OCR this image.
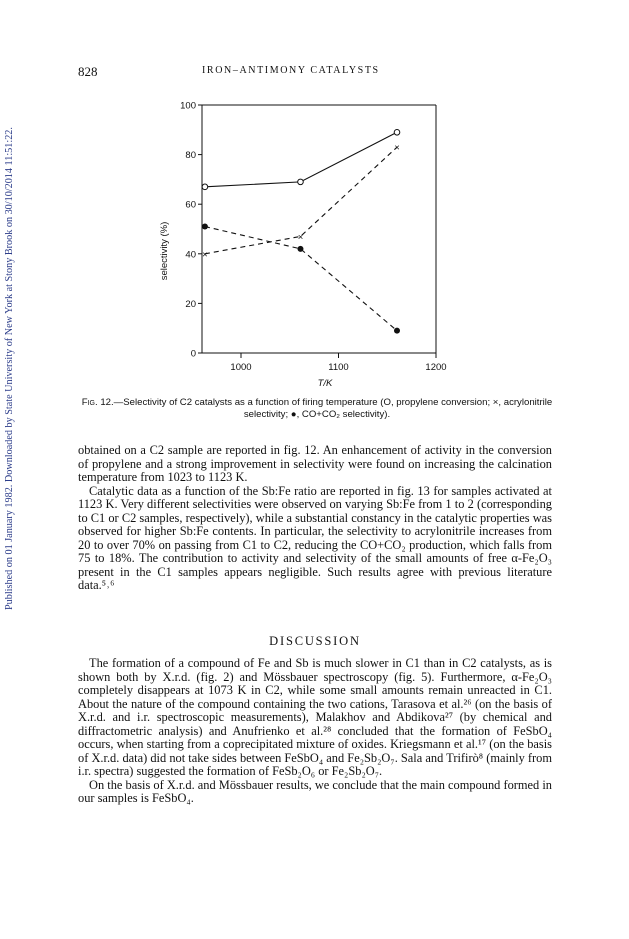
Published on 01 January 1982. Downloaded by State University of New York at Stony Brook on 30/10/2014 11:51:22.
828	IRON–ANTIMONY CATALYSTS
0
20
40
60
80
100
1000	1100	1200
T/K
selectivity (%)	×
×
×
Fig. 12.—Selectivity of C2 catalysts as a function of firing temperature (O, propylene conversion; ×, acrylonitrile selectivity; ●, CO+CO₂ selectivity).

obtained on a C2 sample are reported in fig. 12. An enhancement of activity in the conversion of propylene and a strong improvement in selectivity were found on increasing the calcination temperature from 1023 to 1123 K.

Catalytic data as a function of the Sb:Fe ratio are reported in fig. 13 for samples activated at 1123 K. Very different selectivities were observed on varying Sb:Fe from 1 to 2 (corresponding to C1 or C2 samples, respectively), while a substantial constancy in the catalytic properties was observed for higher Sb:Fe contents. In particular, the selectivity to acrylonitrile increases from 20 to over 70% on passing from C1 to C2, reducing the CO+CO₂ production, which falls from 75 to 18%. The contribution to activity and selectivity of the small amounts of free α-Fe₂O₃ present in the C1 samples appears negligible. Such results agree with previous literature data.⁵˒⁶

DISCUSSION

The formation of a compound of Fe and Sb is much slower in C1 than in C2 catalysts, as is shown both by X.r.d. (fig. 2) and Mössbauer spectroscopy (fig. 5). Furthermore, α-Fe₂O₃ completely disappears at 1073 K in C2, while some small amounts remain unreacted in C1. About the nature of the compound containing the two cations, Tarasova et al.²⁶ (on the basis of X.r.d. and i.r. spectroscopic measurements), Malakhov and Abdikova²⁷ (by chemical and diffractometric analysis) and Anufrienko et al.²⁸ concluded that the formation of FeSbO₄ occurs, when starting from a coprecipitated mixture of oxides. Kriegsmann et al.¹⁷ (on the basis of X.r.d. data) did not take sides between FeSbO₄ and Fe₂Sb₂O₇. Sala and Trifirò⁸ (mainly from i.r. spectra) suggested the formation of FeSb₂O₆ or Fe₂Sb₂O₇.

On the basis of X.r.d. and Mössbauer results, we conclude that the main compound formed in our samples is FeSbO₄.
